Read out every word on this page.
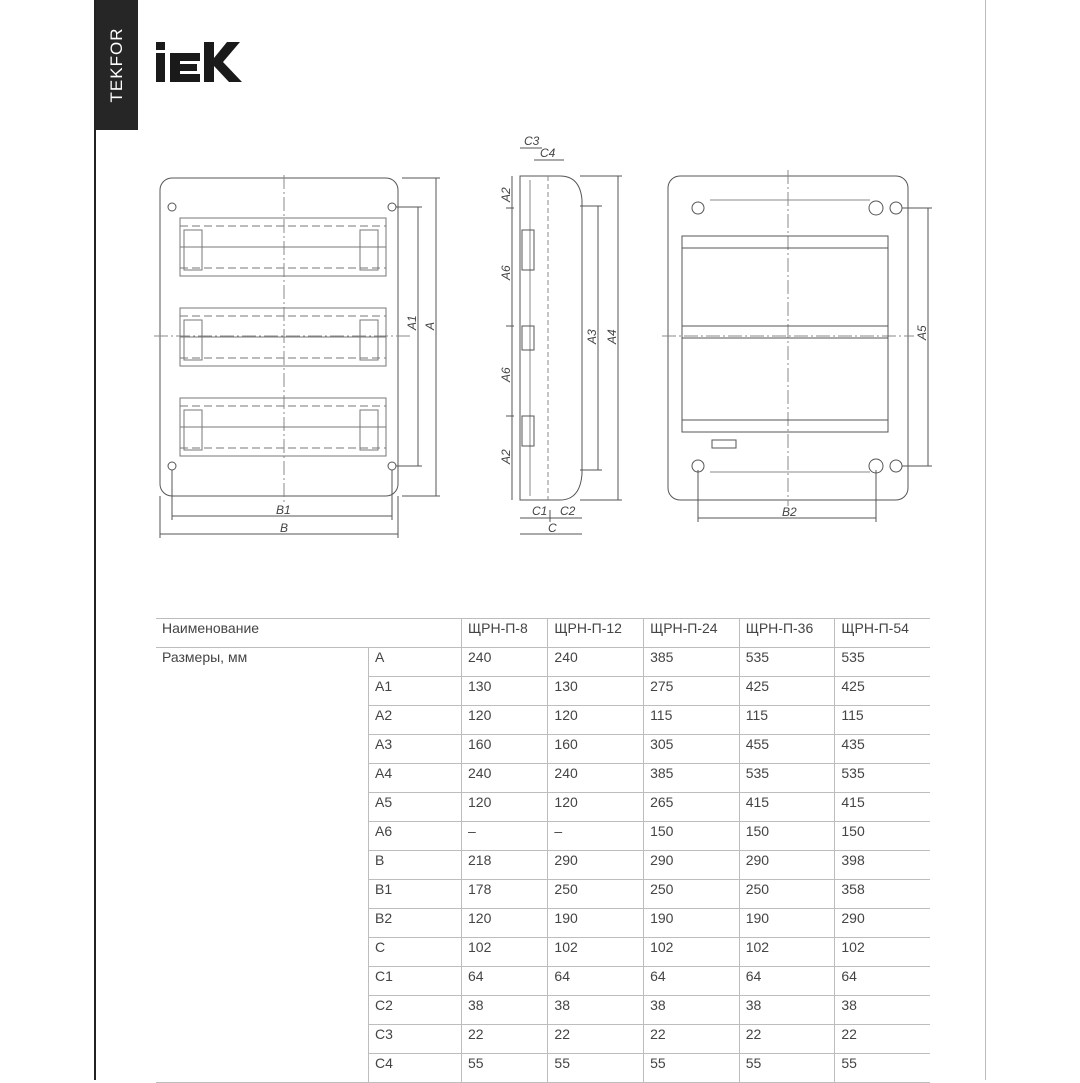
TEKFOR
B1
B
A1 A
C3
C4
A2
A6
A6
A2
A3 A4
C1 C2
C
A5
B2
Наименование		ЩРН-П-8	ЩРН-П-12	ЩРН-П-24	ЩРН-П-36	ЩРН-П-54
Размеры, мм	A	240	240	385	535	535
	A1	130	130	275	425	425
	A2	120	120	115	115	115
	A3	160	160	305	455	435
	A4	240	240	385	535	535
	A5	120	120	265	415	415
	A6	–	–	150	150	150
	B	218	290	290	290	398
	B1	178	250	250	250	358
	B2	120	190	190	190	290
	C	102	102	102	102	102
	C1	64	64	64	64	64
	C2	38	38	38	38	38
	C3	22	22	22	22	22
	C4	55	55	55	55	55
